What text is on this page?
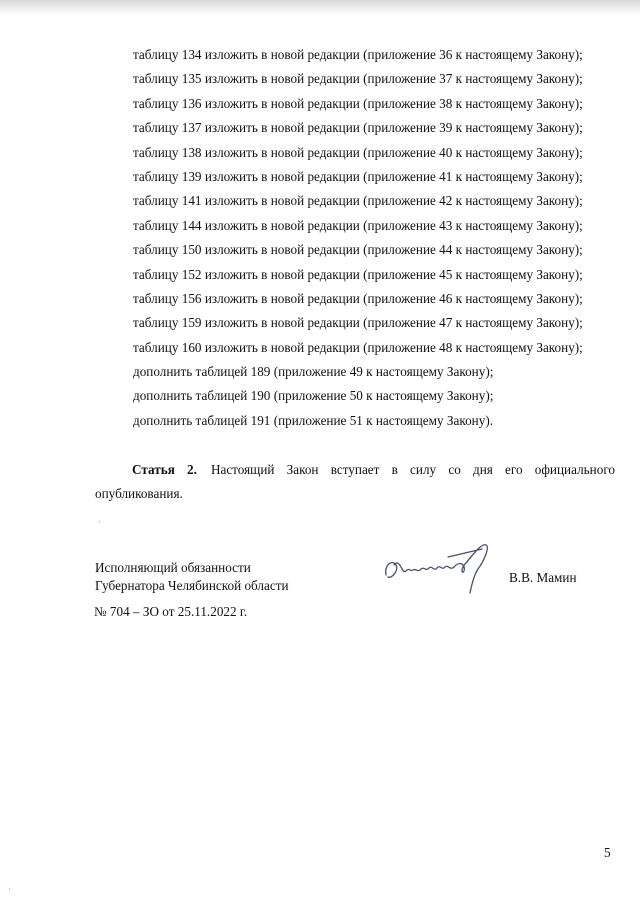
таблицу 134 изложить в новой редакции (приложение 36 к настоящему Закону);
таблицу 135 изложить в новой редакции (приложение 37 к настоящему Закону);
таблицу 136 изложить в новой редакции (приложение 38 к настоящему Закону);
таблицу 137 изложить в новой редакции (приложение 39 к настоящему Закону);
таблицу 138 изложить в новой редакции (приложение 40 к настоящему Закону);
таблицу 139 изложить в новой редакции (приложение 41 к настоящему Закону);
таблицу 141 изложить в новой редакции (приложение 42 к настоящему Закону);
таблицу 144 изложить в новой редакции (приложение 43 к настоящему Закону);
таблицу 150 изложить в новой редакции (приложение 44 к настоящему Закону);
таблицу 152 изложить в новой редакции (приложение 45 к настоящему Закону);
таблицу 156 изложить в новой редакции (приложение 46 к настоящему Закону);
таблицу 159 изложить в новой редакции (приложение 47 к настоящему Закону);
таблицу 160 изложить в новой редакции (приложение 48 к настоящему Закону);
дополнить таблицей 189 (приложение 49 к настоящему Закону);
дополнить таблицей 190 (приложение 50 к настоящему Закону);
дополнить таблицей 191 (приложение 51 к настоящему Закону).

Статья 2. Настоящий Закон вступает в силу со дня его официального опубликования.

Исполняющий обязанности
Губернатора Челябинской области
В.В. Мамин
№ 704 – ЗО от 25.11.2022 г.
5
·
·
